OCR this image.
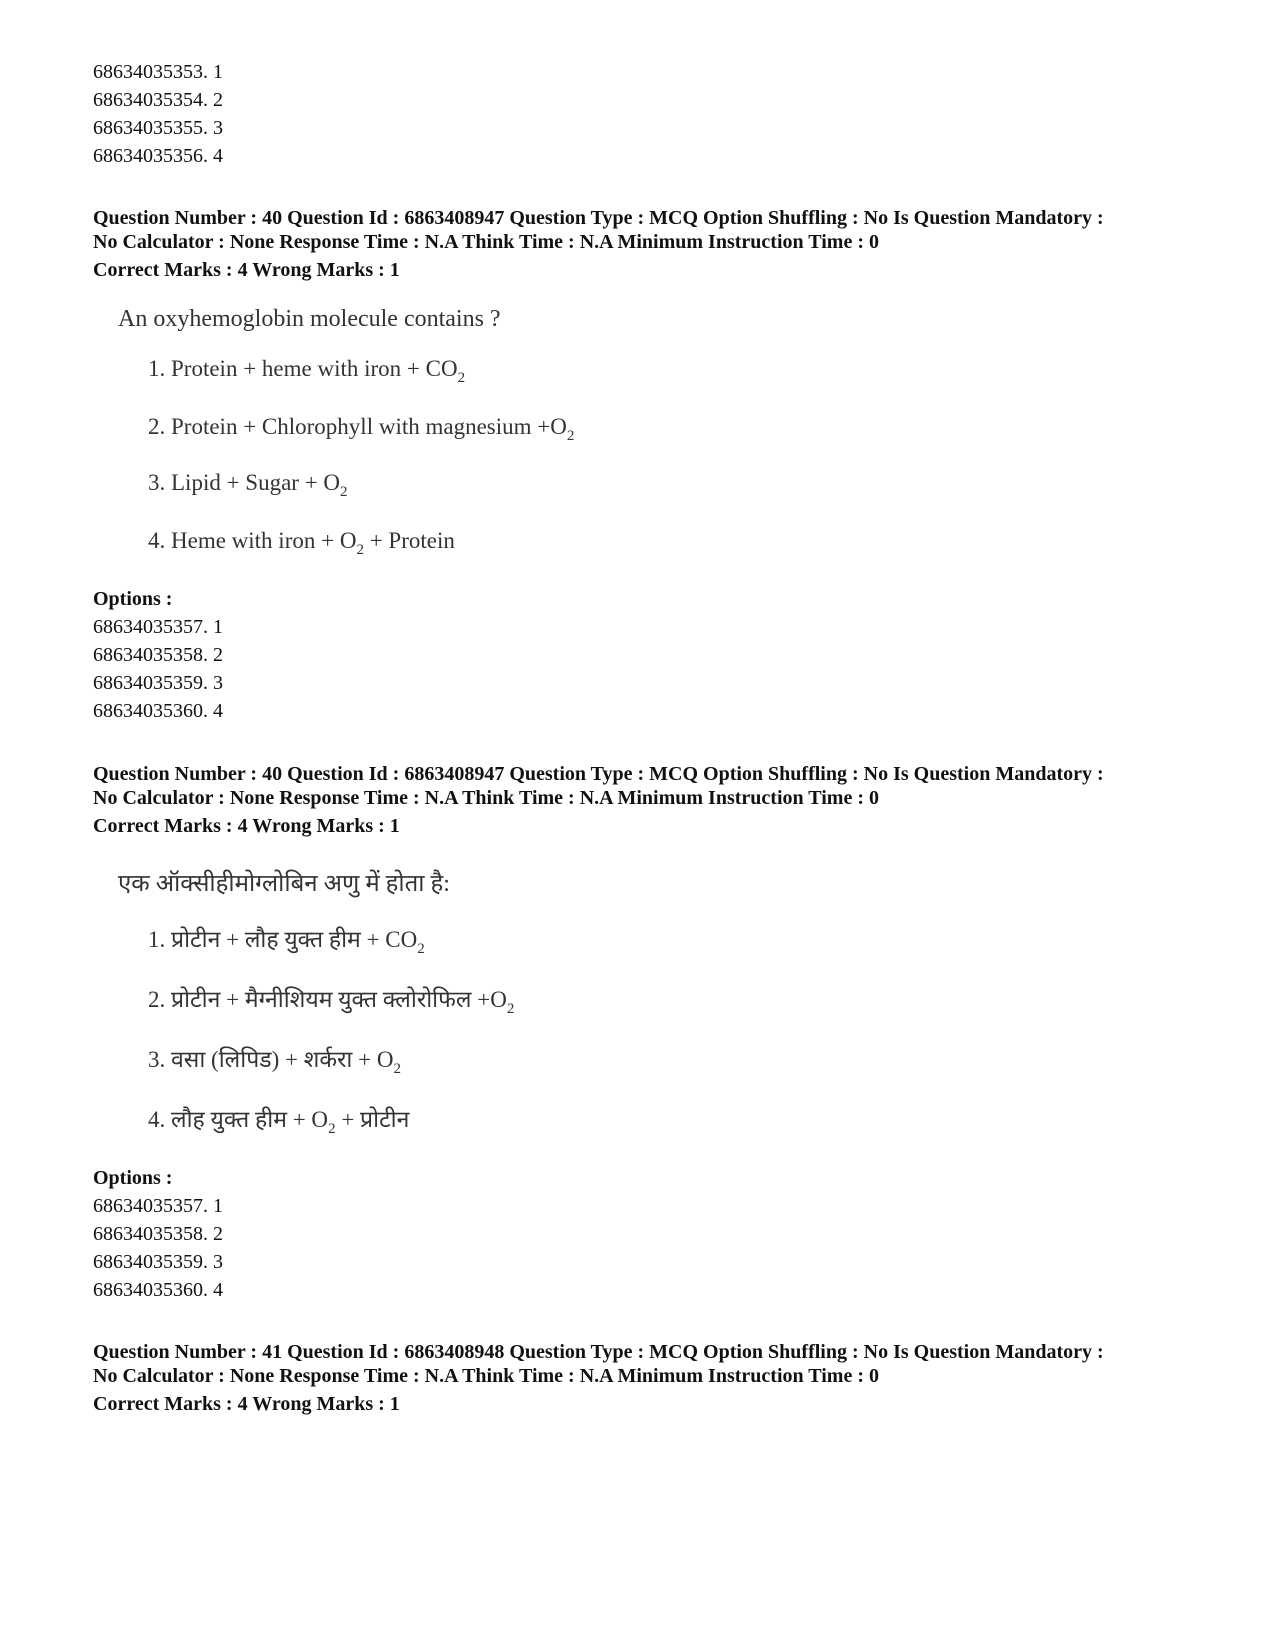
68634035353. 1
68634035354. 2
68634035355. 3
68634035356. 4
Question Number : 40 Question Id : 6863408947 Question Type : MCQ Option Shuffling : No Is Question Mandatory :
No Calculator : None Response Time : N.A Think Time : N.A Minimum Instruction Time : 0
Correct Marks : 4 Wrong Marks : 1
An oxyhemoglobin molecule contains ?
1. Protein + heme with iron + $CO_2$
2. Protein + Chlorophyll with magnesium $+O_2$
3. Lipid + Sugar + $O_2$
4. Heme with iron + $O_2$ + Protein
Options :
68634035357. 1
68634035358. 2
68634035359. 3
68634035360. 4
Question Number : 40 Question Id : 6863408947 Question Type : MCQ Option Shuffling : No Is Question Mandatory :
No Calculator : None Response Time : N.A Think Time : N.A Minimum Instruction Time : 0
Correct Marks : 4 Wrong Marks : 1
एक ऑक्सीहीमोग्लोबिन अणु में होता है:
1. प्रोटीन + लौह युक्त हीम + $CO_2$
2. प्रोटीन + मैग्नीशियम युक्त क्लोरोफिल $+O_2$
3. वसा (लिपिड) + शर्करा + $O_2$
4. लौह युक्त हीम + $O_2$ + प्रोटीन
Options :
68634035357. 1
68634035358. 2
68634035359. 3
68634035360. 4
Question Number : 41 Question Id : 6863408948 Question Type : MCQ Option Shuffling : No Is Question Mandatory :
No Calculator : None Response Time : N.A Think Time : N.A Minimum Instruction Time : 0
Correct Marks : 4 Wrong Marks : 1
